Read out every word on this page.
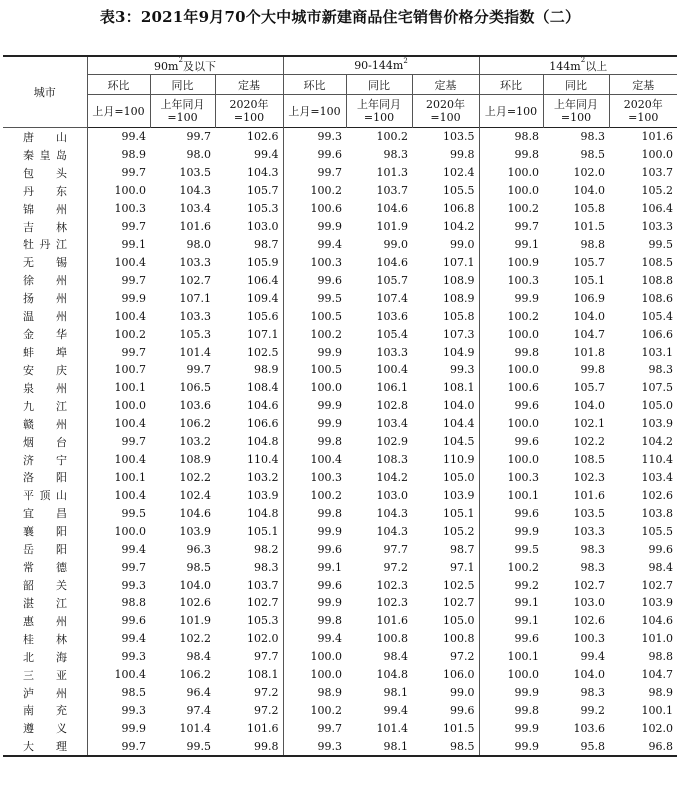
表3：2021年9月70个大中城市新建商品住宅销售价格分类指数（二）
城市	$90m^2$及以下			$90-144m^2$			$144m^2$以上		
	环比	同比	定基	环比	同比	定基	环比	同比	定基
	上月=100	上年同月=100	2020年=100	上月=100	上年同月=100	2020年=100	上月=100	上年同月=100	2020年=100
唐山	99.4	99.7	102.6	99.3	100.2	103.5	98.8	98.3	101.6
秦皇岛	98.9	98.0	99.4	99.6	98.3	99.8	99.8	98.5	100.0
包头	99.7	103.5	104.3	99.7	101.3	102.4	100.0	102.0	103.7
丹东	100.0	104.3	105.7	100.2	103.7	105.5	100.0	104.0	105.2
锦州	100.3	103.4	105.3	100.6	104.6	106.8	100.2	105.8	106.4
吉林	99.7	101.6	103.0	99.9	101.9	104.2	99.7	101.5	103.3
牡丹江	99.1	98.0	98.7	99.4	99.0	99.0	99.1	98.8	99.5
无锡	100.4	103.3	105.9	100.3	104.6	107.1	100.9	105.7	108.5
徐州	99.7	102.7	106.4	99.6	105.7	108.9	100.3	105.1	108.8
扬州	99.9	107.1	109.4	99.5	107.4	108.9	99.9	106.9	108.6
温州	100.4	103.3	105.6	100.5	103.6	105.8	100.2	104.0	105.4
金华	100.2	105.3	107.1	100.2	105.4	107.3	100.0	104.7	106.6
蚌埠	99.7	101.4	102.5	99.9	103.3	104.9	99.8	101.8	103.1
安庆	100.7	99.7	98.9	100.5	100.4	99.3	100.0	99.8	98.3
泉州	100.1	106.5	108.4	100.0	106.1	108.1	100.6	105.7	107.5
九江	100.0	103.6	104.6	99.9	102.8	104.0	99.6	104.0	105.0
赣州	100.4	106.2	106.6	99.9	103.4	104.4	100.0	102.1	103.9
烟台	99.7	103.2	104.8	99.8	102.9	104.5	99.6	102.2	104.2
济宁	100.4	108.9	110.4	100.4	108.3	110.9	100.0	108.5	110.4
洛阳	100.1	102.2	103.2	100.3	104.2	105.0	100.3	102.3	103.4
平顶山	100.4	102.4	103.9	100.2	103.0	103.9	100.1	101.6	102.6
宜昌	99.5	104.6	104.8	99.8	104.3	105.1	99.6	103.5	103.8
襄阳	100.0	103.9	105.1	99.9	104.3	105.2	99.9	103.3	105.5
岳阳	99.4	96.3	98.2	99.6	97.7	98.7	99.5	98.3	99.6
常德	99.7	98.5	98.3	99.1	97.2	97.1	100.2	98.3	98.4
韶关	99.3	104.0	103.7	99.6	102.3	102.5	99.2	102.7	102.7
湛江	98.8	102.6	102.7	99.9	102.3	102.7	99.1	103.0	103.9
惠州	99.6	101.9	105.3	99.8	101.6	105.0	99.1	102.6	104.6
桂林	99.4	102.2	102.0	99.4	100.8	100.8	99.6	100.3	101.0
北海	99.3	98.4	97.7	100.0	98.4	97.2	100.1	99.4	98.8
三亚	100.4	106.2	108.1	100.0	104.8	106.0	100.0	104.0	104.7
泸州	98.5	96.4	97.2	98.9	98.1	99.0	99.9	98.3	98.9
南充	99.3	97.4	97.2	100.2	99.4	99.6	99.8	99.2	100.1
遵义	99.9	101.4	101.6	99.7	101.4	101.5	99.9	103.6	102.0
大理	99.7	99.5	99.8	99.3	98.1	98.5	99.9	95.8	96.8
